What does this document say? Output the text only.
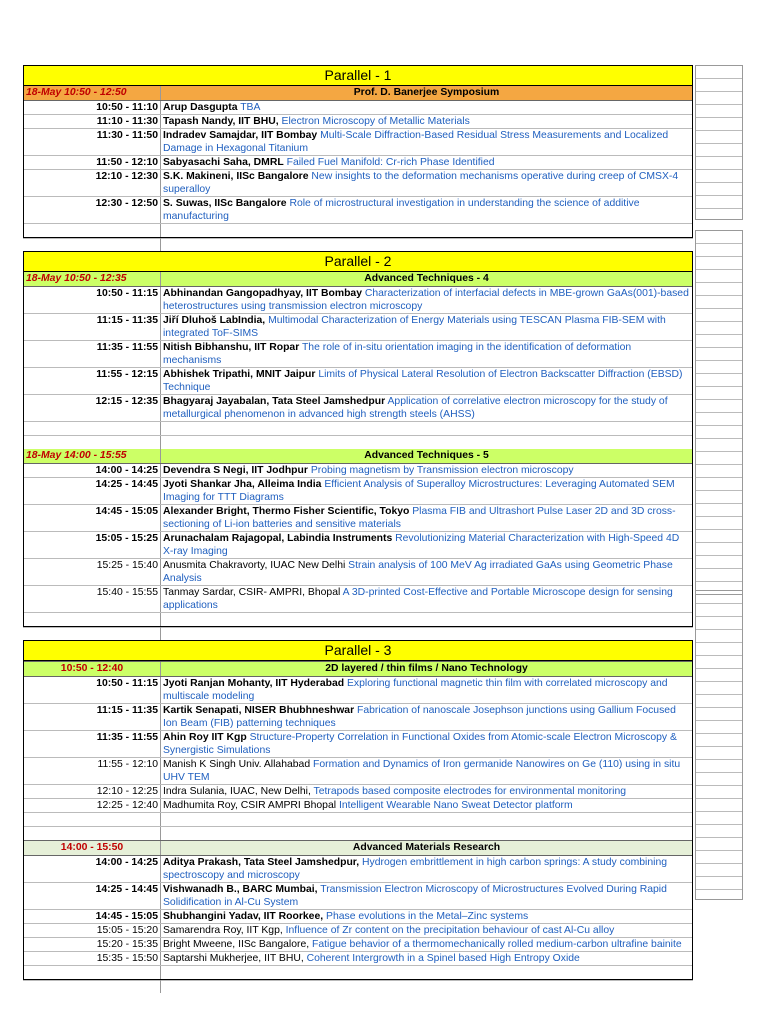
Parallel - 1
18-May 10:50 - 12:50	Prof. D. Banerjee Symposium
10:50 - 11:10 Arup Dasgupta TBA
11:10 - 11:30 Tapash Nandy, IIT BHU, Electron Microscopy of Metallic Materials
11:30 - 11:50 Indradev Samajdar, IIT Bombay Multi-Scale Diffraction-Based Residual Stress Measurements and Localized Damage in Hexagonal Titanium
11:50 - 12:10 Sabyasachi Saha, DMRL Failed Fuel Manifold: Cr-rich Phase Identified
12:10 - 12:30 S.K. Makineni, IISc Bangalore New insights to the deformation mechanisms operative during creep of CMSX-4 superalloy
12:30 - 12:50 S. Suwas, IISc Bangalore Role of microstructural investigation in understanding the science of additive manufacturing
Parallel - 2
18-May 10:50 - 12:35	Advanced Techniques - 4
10:50 - 11:15 Abhinandan Gangopadhyay, IIT Bombay Characterization of interfacial defects in MBE-grown GaAs(001)-based heterostructures using transmission electron microscopy
11:15 - 11:35 Jiří Dluhoš LabIndia, Multimodal Characterization of Energy Materials using TESCAN Plasma FIB-SEM with integrated ToF-SIMS
11:35 - 11:55 Nitish Bibhanshu, IIT Ropar The role of in-situ orientation imaging in the identification of deformation mechanisms
11:55 - 12:15 Abhishek Tripathi, MNIT Jaipur Limits of Physical Lateral Resolution of Electron Backscatter Diffraction (EBSD) Technique
12:15 - 12:35 Bhagyaraj Jayabalan, Tata Steel Jamshedpur Application of correlative electron microscopy for the study of metallurgical phenomenon in advanced high strength steels (AHSS)
18-May 14:00 - 15:55	Advanced Techniques - 5
14:00 - 14:25 Devendra S Negi, IIT Jodhpur Probing magnetism by Transmission electron microscopy
14:25 - 14:45 Jyoti Shankar Jha, Alleima India Efficient Analysis of Superalloy Microstructures: Leveraging Automated SEM Imaging for TTT Diagrams
14:45 - 15:05 Alexander Bright, Thermo Fisher Scientific, Tokyo Plasma FIB and Ultrashort Pulse Laser 2D and 3D cross-sectioning of Li-ion batteries and sensitive materials
15:05 - 15:25 Arunachalam Rajagopal, Labindia Instruments Revolutionizing Material Characterization with High-Speed 4D X-ray Imaging
15:25 - 15:40 Anusmita Chakravorty, IUAC New Delhi Strain analysis of 100 MeV Ag irradiated GaAs using Geometric Phase Analysis
15:40 - 15:55 Tanmay Sardar, CSIR- AMPRI, Bhopal A 3D-printed Cost-Effective and Portable Microscope design for sensing applications
Parallel - 3
10:50 - 12:40	2D layered / thin films / Nano Technology
10:50 - 11:15 Jyoti Ranjan Mohanty, IIT Hyderabad Exploring functional magnetic thin film with correlated microscopy and multiscale modeling
11:15 - 11:35 Kartik Senapati, NISER Bhubhneshwar Fabrication of nanoscale Josephson junctions using Gallium Focused Ion Beam (FIB) patterning techniques
11:35 - 11:55 Ahin Roy IIT Kgp Structure-Property Correlation in Functional Oxides from Atomic-scale Electron Microscopy & Synergistic Simulations
11:55 - 12:10 Manish K Singh Univ. Allahabad Formation and Dynamics of Iron germanide Nanowires on Ge (110) using in situ UHV TEM
12:10 - 12:25 Indra Sulania, IUAC, New Delhi, Tetrapods based composite electrodes for environmental monitoring
12:25 - 12:40 Madhumita Roy, CSIR AMPRI Bhopal Intelligent Wearable Nano Sweat Detector platform
14:00 - 15:50	Advanced Materials Research
14:00 - 14:25 Aditya Prakash, Tata Steel Jamshedpur, Hydrogen embrittlement in high carbon springs: A study combining spectroscopy and microscopy
14:25 - 14:45 Vishwanadh B., BARC Mumbai, Transmission Electron Microscopy of Microstructures Evolved During Rapid Solidification in Al-Cu System
14:45 - 15:05 Shubhangini Yadav, IIT Roorkee, Phase evolutions in the Metal–Zinc systems
15:05 - 15:20 Samarendra Roy, IIT Kgp, Influence of Zr content on the precipitation behaviour of cast Al-Cu alloy
15:20 - 15:35 Bright Mweene, IISc Bangalore, Fatigue behavior of a thermomechanically rolled medium-carbon ultrafine bainite
15:35 - 15:50 Saptarshi Mukherjee, IIT BHU, Coherent Intergrowth in a Spinel based High Entropy Oxide
